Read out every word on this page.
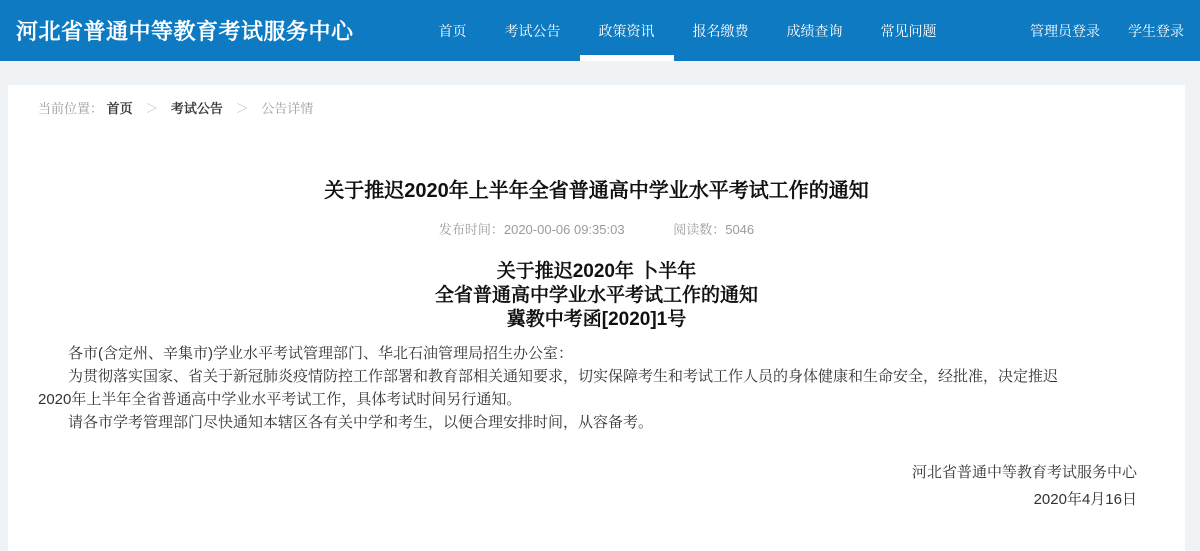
河北省普通中等教育考试服务中心	首页	考试公告	政策资讯	报名缴费	成绩查询	常见问题	管理员登录 学生登录
当前位置： 首页 ＞ 考试公告 ＞ 公告详情
关于推迟2020年上半年全省普通高中学业水平考试工作的通知
发布时间：2020-00-06 09:35:03	阅读数：5046
关于推迟2020年 卜半年
全省普通高中学业水平考试工作的通知
冀教中考函[2020]1号

各市(含定州、辛集市)学业水平考试管理部门、华北石油管理局招生办公室：

为贯彻落实国家、省关于新冠肺炎疫情防控工作部署和教育部相关通知要求，切实保障考生和考试工作人员的身体健康和生命安全，经批准，决定推迟2020年上半年全省普通高中学业水平考试工作，具体考试时间另行通知。

请各市学考管理部门尽快通知本辖区各有关中学和考生，以便合理安排时间，从容备考。

河北省普通中等教育考试服务中心
2020年4月16日
